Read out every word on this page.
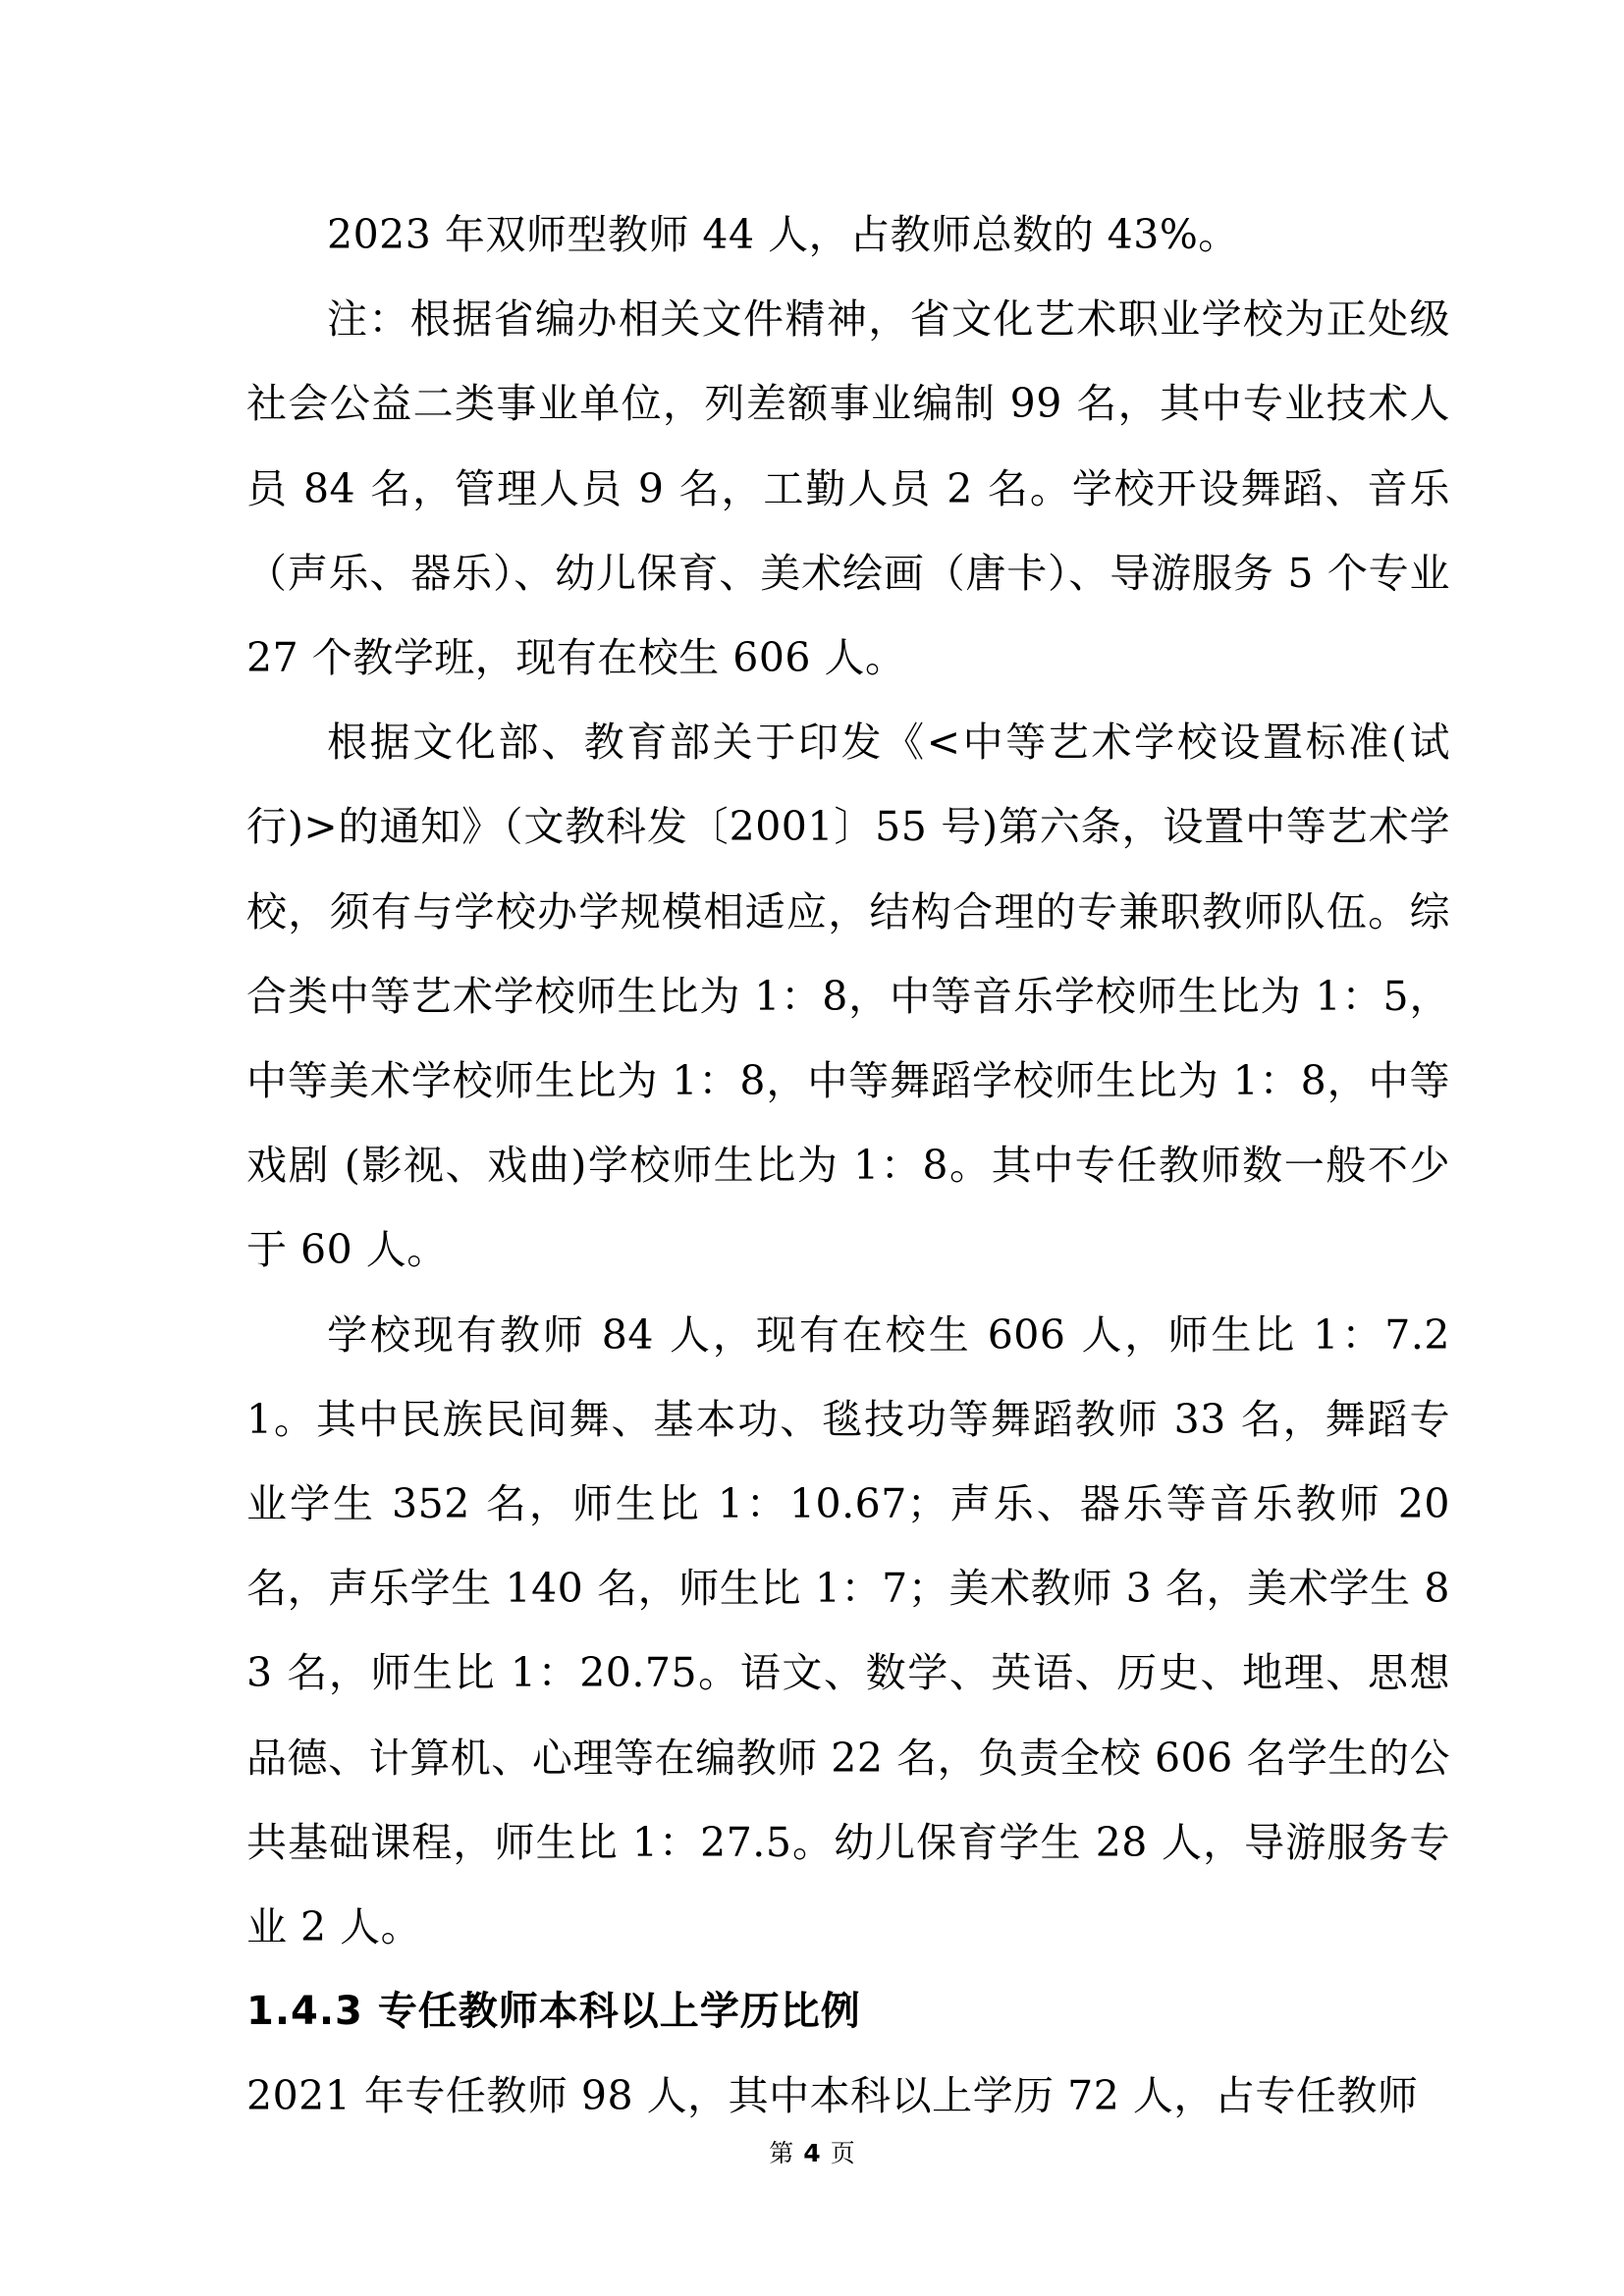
2023 年双师型教师 44 人，占教师总数的 43%。

注：根据省编办相关文件精神，省文化艺术职业学校为正处级社会公益二类事业单位，列差额事业编制 99 名，其中专业技术人员 84 名，管理人员 9 名，工勤人员 2 名。学校开设舞蹈、音乐（声乐、器乐）、幼儿保育、美术绘画（唐卡）、导游服务 5 个专业 27 个教学班，现有在校生 606 人。

根据文化部、教育部关于印发《<中等艺术学校设置标准(试行)>的通知》（文教科发〔2001〕55 号)第六条，设置中等艺术学校，须有与学校办学规模相适应，结构合理的专兼职教师队伍。综合类中等艺术学校师生比为 1：8，中等音乐学校师生比为 1：5，中等美术学校师生比为 1：8，中等舞蹈学校师生比为 1：8，中等戏剧 (影视、戏曲)学校师生比为 1：8。其中专任教师数一般不少于 60 人。

学校现有教师 84 人，现有在校生 606 人，师生比 1：7.21。其中民族民间舞、基本功、毯技功等舞蹈教师 33 名，舞蹈专业学生 352 名，师生比 1：10.67；声乐、器乐等音乐教师 20 名，声乐学生 140 名，师生比 1：7；美术教师 3 名，美术学生 83 名，师生比 1：20.75。语文、数学、英语、历史、地理、思想品德、计算机、心理等在编教师 22 名，负责全校 606 名学生的公共基础课程，师生比 1：27.5。幼儿保育学生 28 人，导游服务专业 2 人。

1.4.3 专任教师本科以上学历比例

2021 年专任教师 98 人，其中本科以上学历 72 人，占专任教师

第 4 页
